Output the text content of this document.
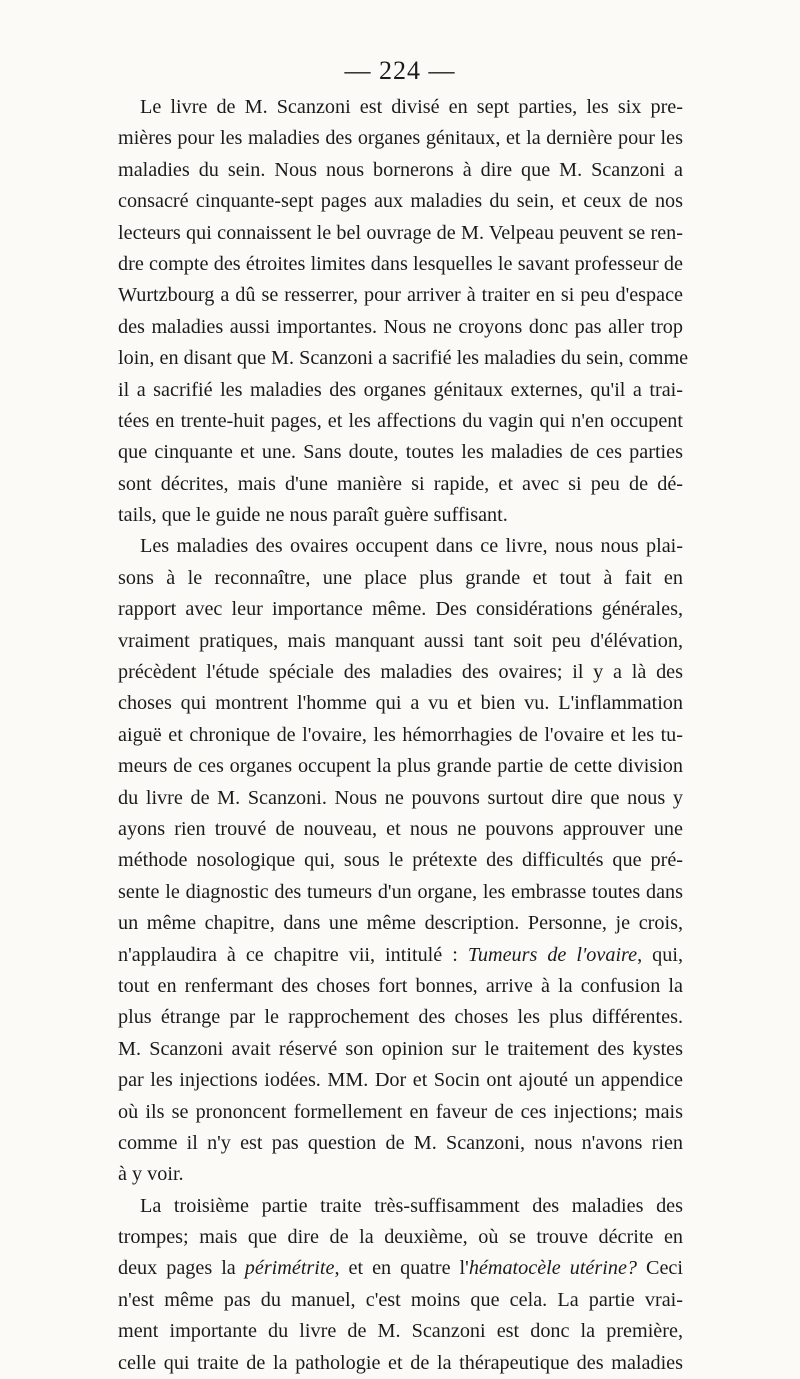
— 224 —
Le livre de M. Scanzoni est divisé en sept parties, les six pre-
mières pour les maladies des organes génitaux, et la dernière pour les
maladies du sein. Nous nous bornerons à dire que M. Scanzoni a
consacré cinquante-sept pages aux maladies du sein, et ceux de nos
lecteurs qui connaissent le bel ouvrage de M. Velpeau peuvent se ren-
dre compte des étroites limites dans lesquelles le savant professeur de
Wurtzbourg a dû se resserrer, pour arriver à traiter en si peu d'espace
des maladies aussi importantes. Nous ne croyons donc pas aller trop
loin, en disant que M. Scanzoni a sacrifié les maladies du sein, comme
il a sacrifié les maladies des organes génitaux externes, qu'il a trai-
tées en trente-huit pages, et les affections du vagin qui n'en occupent
que cinquante et une. Sans doute, toutes les maladies de ces parties
sont décrites, mais d'une manière si rapide, et avec si peu de dé-
tails, que le guide ne nous paraît guère suffisant.
Les maladies des ovaires occupent dans ce livre, nous nous plai-
sons à le reconnaître, une place plus grande et tout à fait en
rapport avec leur importance même. Des considérations générales,
vraiment pratiques, mais manquant aussi tant soit peu d'élévation,
précèdent l'étude spéciale des maladies des ovaires; il y a là des
choses qui montrent l'homme qui a vu et bien vu. L'inflammation
aiguë et chronique de l'ovaire, les hémorrhagies de l'ovaire et les tu-
meurs de ces organes occupent la plus grande partie de cette division
du livre de M. Scanzoni. Nous ne pouvons surtout dire que nous y
ayons rien trouvé de nouveau, et nous ne pouvons approuver une
méthode nosologique qui, sous le prétexte des difficultés que pré-
sente le diagnostic des tumeurs d'un organe, les embrasse toutes dans
un même chapitre, dans une même description. Personne, je crois,
n'applaudira à ce chapitre vii, intitulé : Tumeurs de l'ovaire, qui,
tout en renfermant des choses fort bonnes, arrive à la confusion la
plus étrange par le rapprochement des choses les plus différentes.
M. Scanzoni avait réservé son opinion sur le traitement des kystes
par les injections iodées. MM. Dor et Socin ont ajouté un appendice
où ils se prononcent formellement en faveur de ces injections; mais
comme il n'y est pas question de M. Scanzoni, nous n'avons rien
à y voir.
La troisième partie traite très-suffisamment des maladies des
trompes; mais que dire de la deuxième, où se trouve décrite en
deux pages la périmétrite, et en quatre l'hématocèle utérine? Ceci
n'est même pas du manuel, c'est moins que cela. La partie vrai-
ment importante du livre de M. Scanzoni est donc la première,
celle qui traite de la pathologie et de la thérapeutique des maladies
